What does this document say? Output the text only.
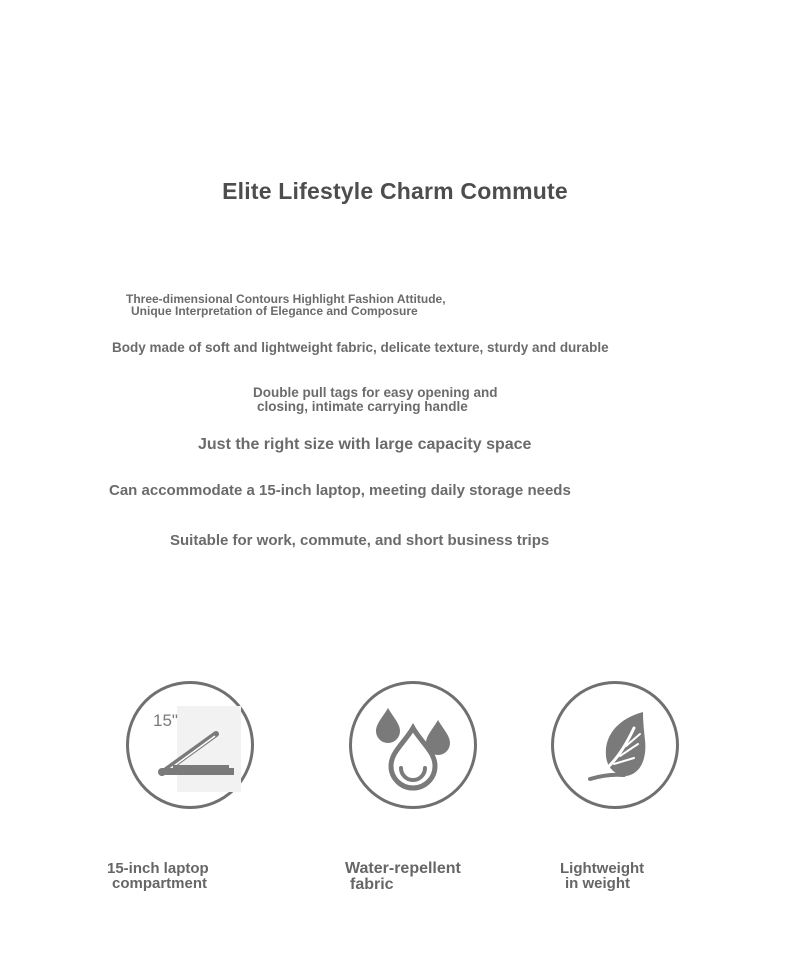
Elite Lifestyle Charm Commute
Three-dimensional Contours Highlight Fashion Attitude,
Unique Interpretation of Elegance and Composure
Body made of soft and lightweight fabric, delicate texture, sturdy and durable
Double pull tags for easy opening and
closing, intimate carrying handle
Just the right size with large capacity space
Can accommodate a 15-inch laptop, meeting daily storage needs
Suitable for work, commute, and short business trips
15"
15-inch laptop
compartment
Water-repellent
fabric
Lightweight
in weight
